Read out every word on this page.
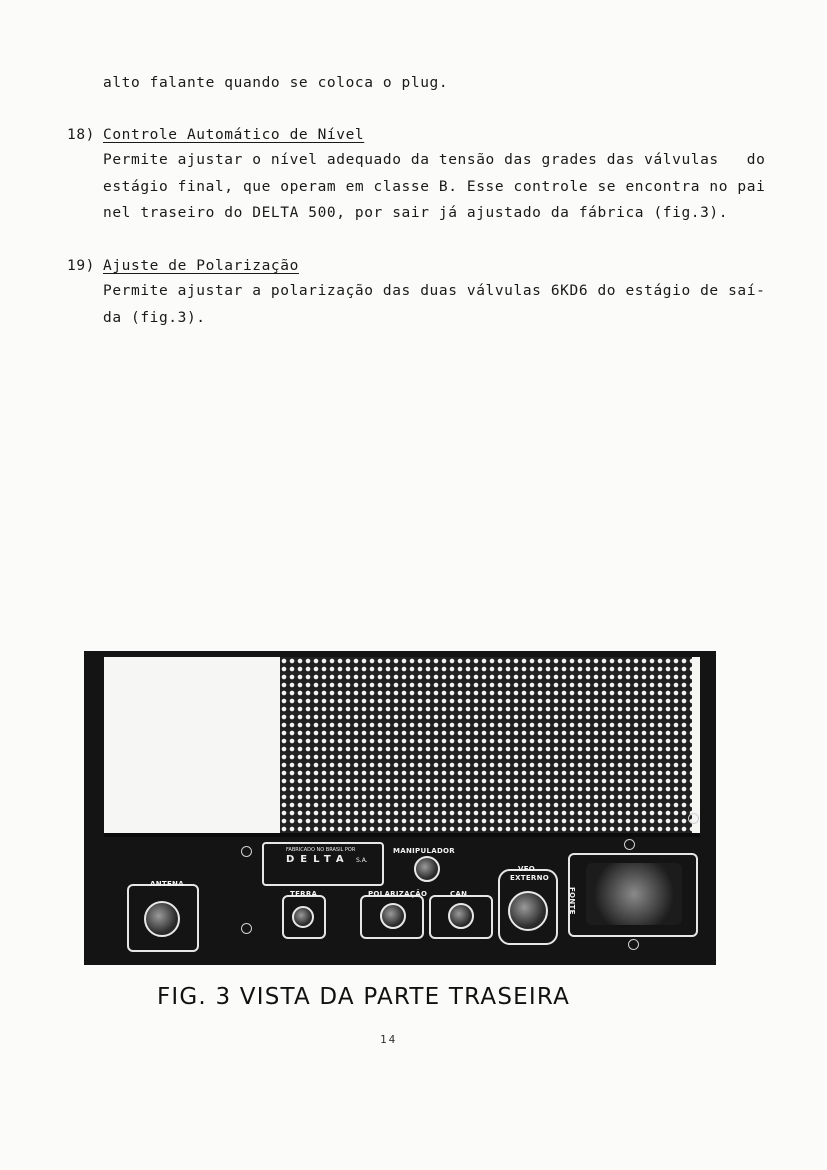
alto falante quando se coloca o plug.
18) Controle Automático de Nível
Permite ajustar o nível adequado da tensão das grades das válvulas   do
estágio final, que operam em classe B. Esse controle se encontra no pai
nel traseiro do DELTA 500, por sair já ajustado da fábrica (fig.3).
19) Ajuste de Polarização
Permite ajustar a polarização das duas válvulas 6KD6 do estágio de saí-
da (fig.3).
ANTENA
FABRICADO NO BRASIL POR
DELTA S.A.
MANIPULADOR
TERRA	POLARIZAÇÃO	CAN
VFO
EXTERNO
FONTE
FIG. 3 VISTA DA PARTE TRASEIRA
14
